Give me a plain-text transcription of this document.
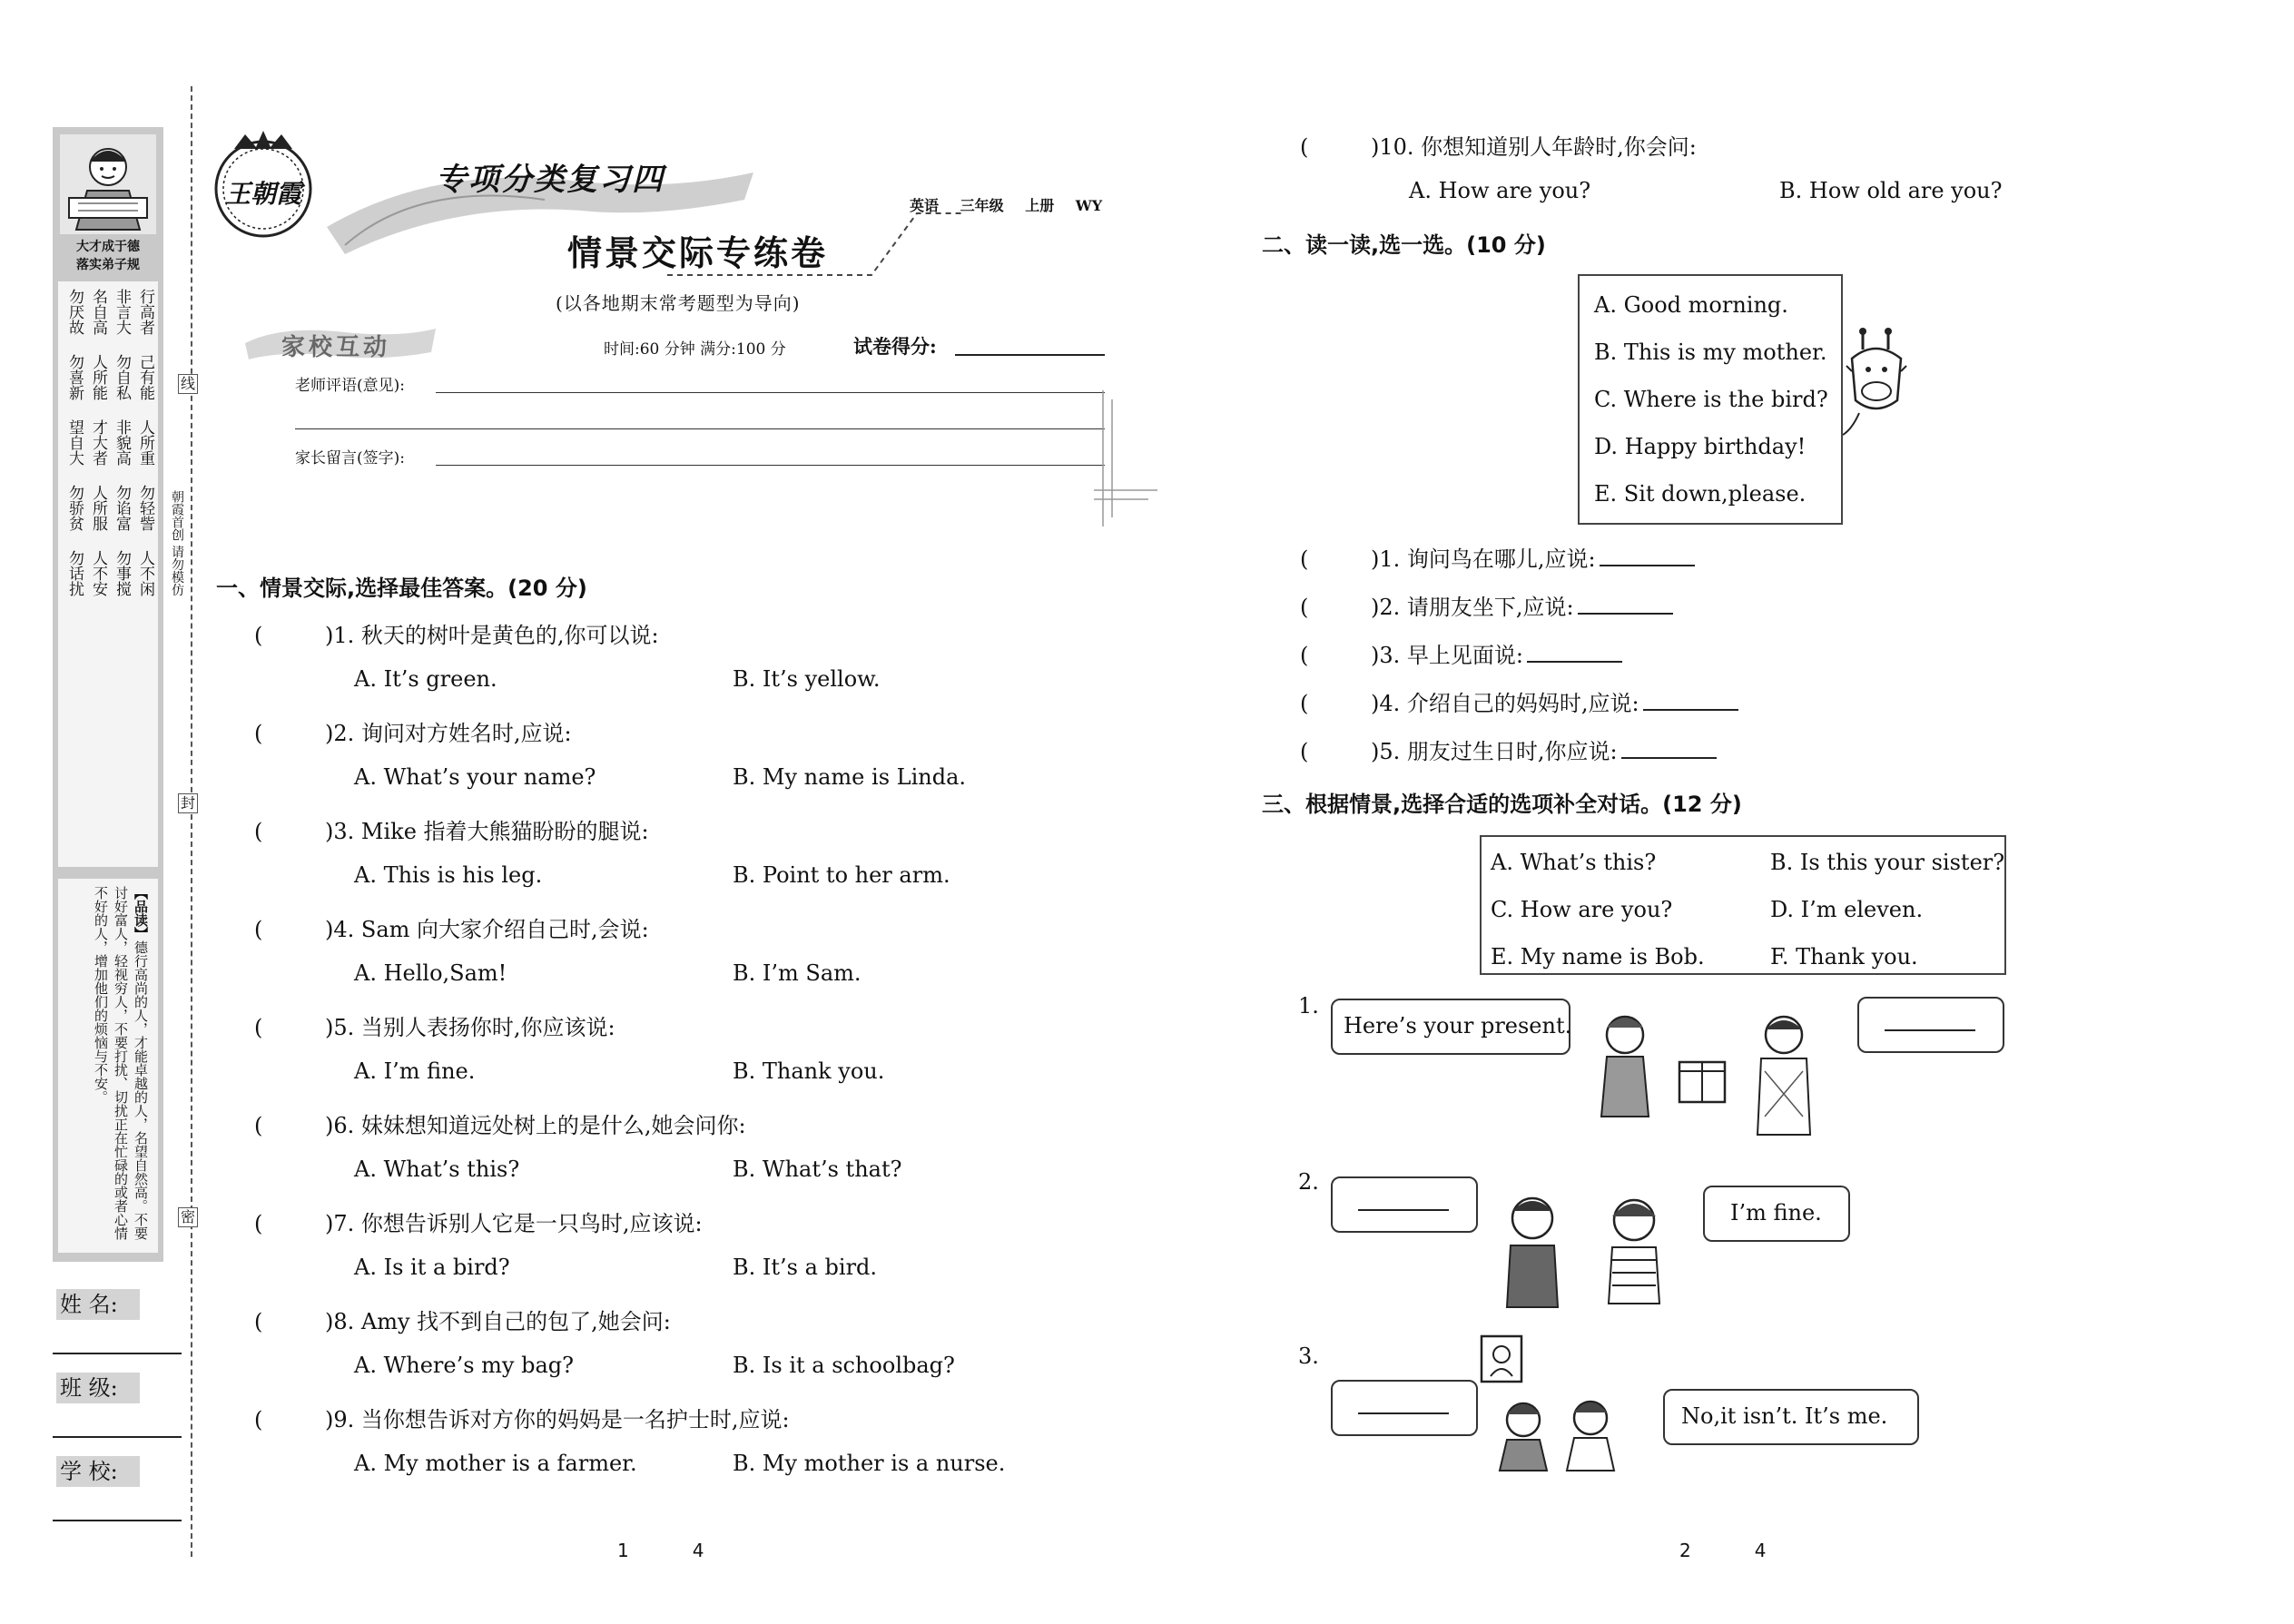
大才成于德
落实弟子规
行高者
非言大
名自高
勿厌故
己有能
勿自私
人所能
勿喜新
人所重
非貌高
才大者
望自大
勿轻訾
勿谄富
人所服
勿骄贫
人不闲
勿事搅
人不安
勿话扰
【品读】德行高尚的人，才能卓越的人，名望自然高。不要讨好富人，轻视穷人，不要打扰、切扰正在忙碌的或者心情不好的人，增加他们的烦恼与不安。
姓 名:
班 级:
学 校:
线
封
密
朝霞首创 请勿模仿
王朝霞	专项分类复习四
情景交际专练卷
(以各地期末常考题型为导向)
英语 三年级 上册 WY
家校互动	时间:60 分钟 满分:100 分	试卷得分:
老师评语(意见):
家长留言(签字):
一、情景交际,选择最佳答案。(20 分)
(	)1. 秋天的树叶是黄色的,你可以说:
A. It’s green.	B. It’s yellow.
(	)2. 询问对方姓名时,应说:
A. What’s your name?	B. My name is Linda.
(	)3. Mike 指着大熊猫盼盼的腿说:
A. This is his leg.	B. Point to her arm.
(	)4. Sam 向大家介绍自己时,会说:
A. Hello,Sam!	B. I’m Sam.
(	)5. 当别人表扬你时,你应该说:
A. I’m fine.	B. Thank you.
(	)6. 妹妹想知道远处树上的是什么,她会问你:
A. What’s this?	B. What’s that?
(	)7. 你想告诉别人它是一只鸟时,应该说:
A. Is it a bird?	B. It’s a bird.
(	)8. Amy 找不到自己的包了,她会问:
A. Where’s my bag?	B. Is it a schoolbag?
(	)9. 当你想告诉对方你的妈妈是一名护士时,应说:
A. My mother is a farmer.	B. My mother is a nurse.
1	4
(	)10. 你想知道别人年龄时,你会问:
A. How are you?	B. How old are you?
二、读一读,选一选。(10 分)
A. Good morning.
B. This is my mother.
C. Where is the bird?
D. Happy birthday!
E. Sit down,please.
(	)1. 询问鸟在哪儿,应说:
(	)2. 请朋友坐下,应说:
(	)3. 早上见面说:
(	)4. 介绍自己的妈妈时,应说:
(	)5. 朋友过生日时,你应说:
三、根据情景,选择合适的选项补全对话。(12 分)
A. What’s this?	B. Is this your sister?
C. How are you?	D. I’m eleven.
E. My name is Bob.	F. Thank you.
1.
Here’s your present.
2.
I’m fine.
3.
No,it isn’t. It’s me.
2	4
